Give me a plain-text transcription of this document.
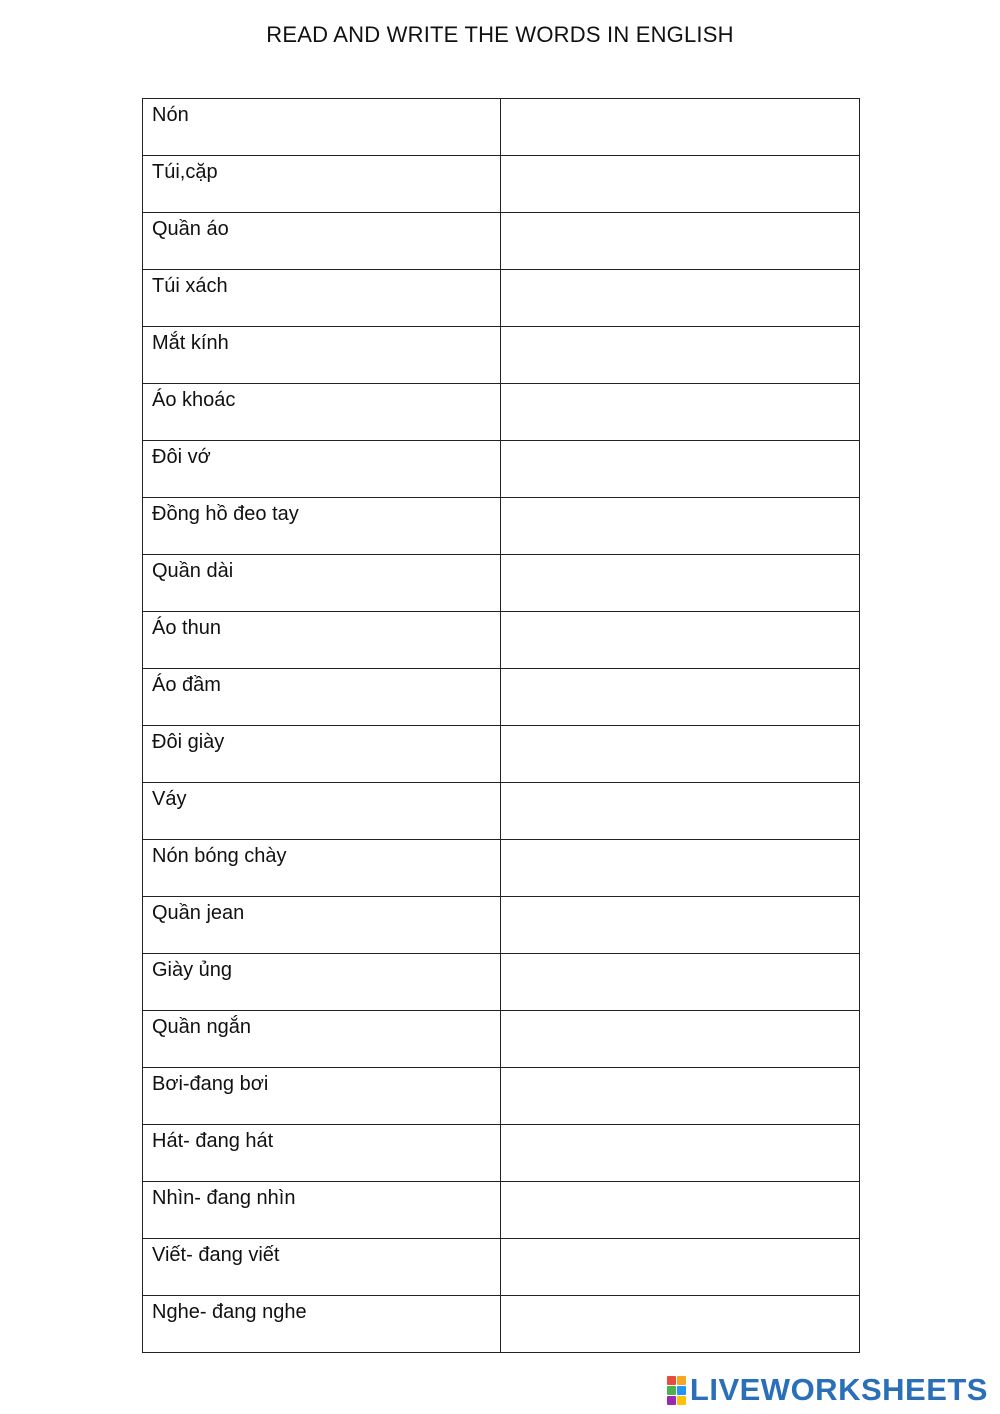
READ AND WRITE THE WORDS IN ENGLISH
Nón

Túi,cặp

Quần áo

Túi xách

Mắt kính

Áo khoác

Đôi vớ

Đồng hồ đeo tay

Quần dài

Áo thun

Áo đầm

Đôi giày

Váy

Nón bóng chày

Quần jean

Giày ủng

Quần ngắn

Bơi-đang bơi

Hát- đang hát

Nhìn- đang nhìn

Viết- đang viết

Nghe- đang nghe

LIVEWORKSHEETS
